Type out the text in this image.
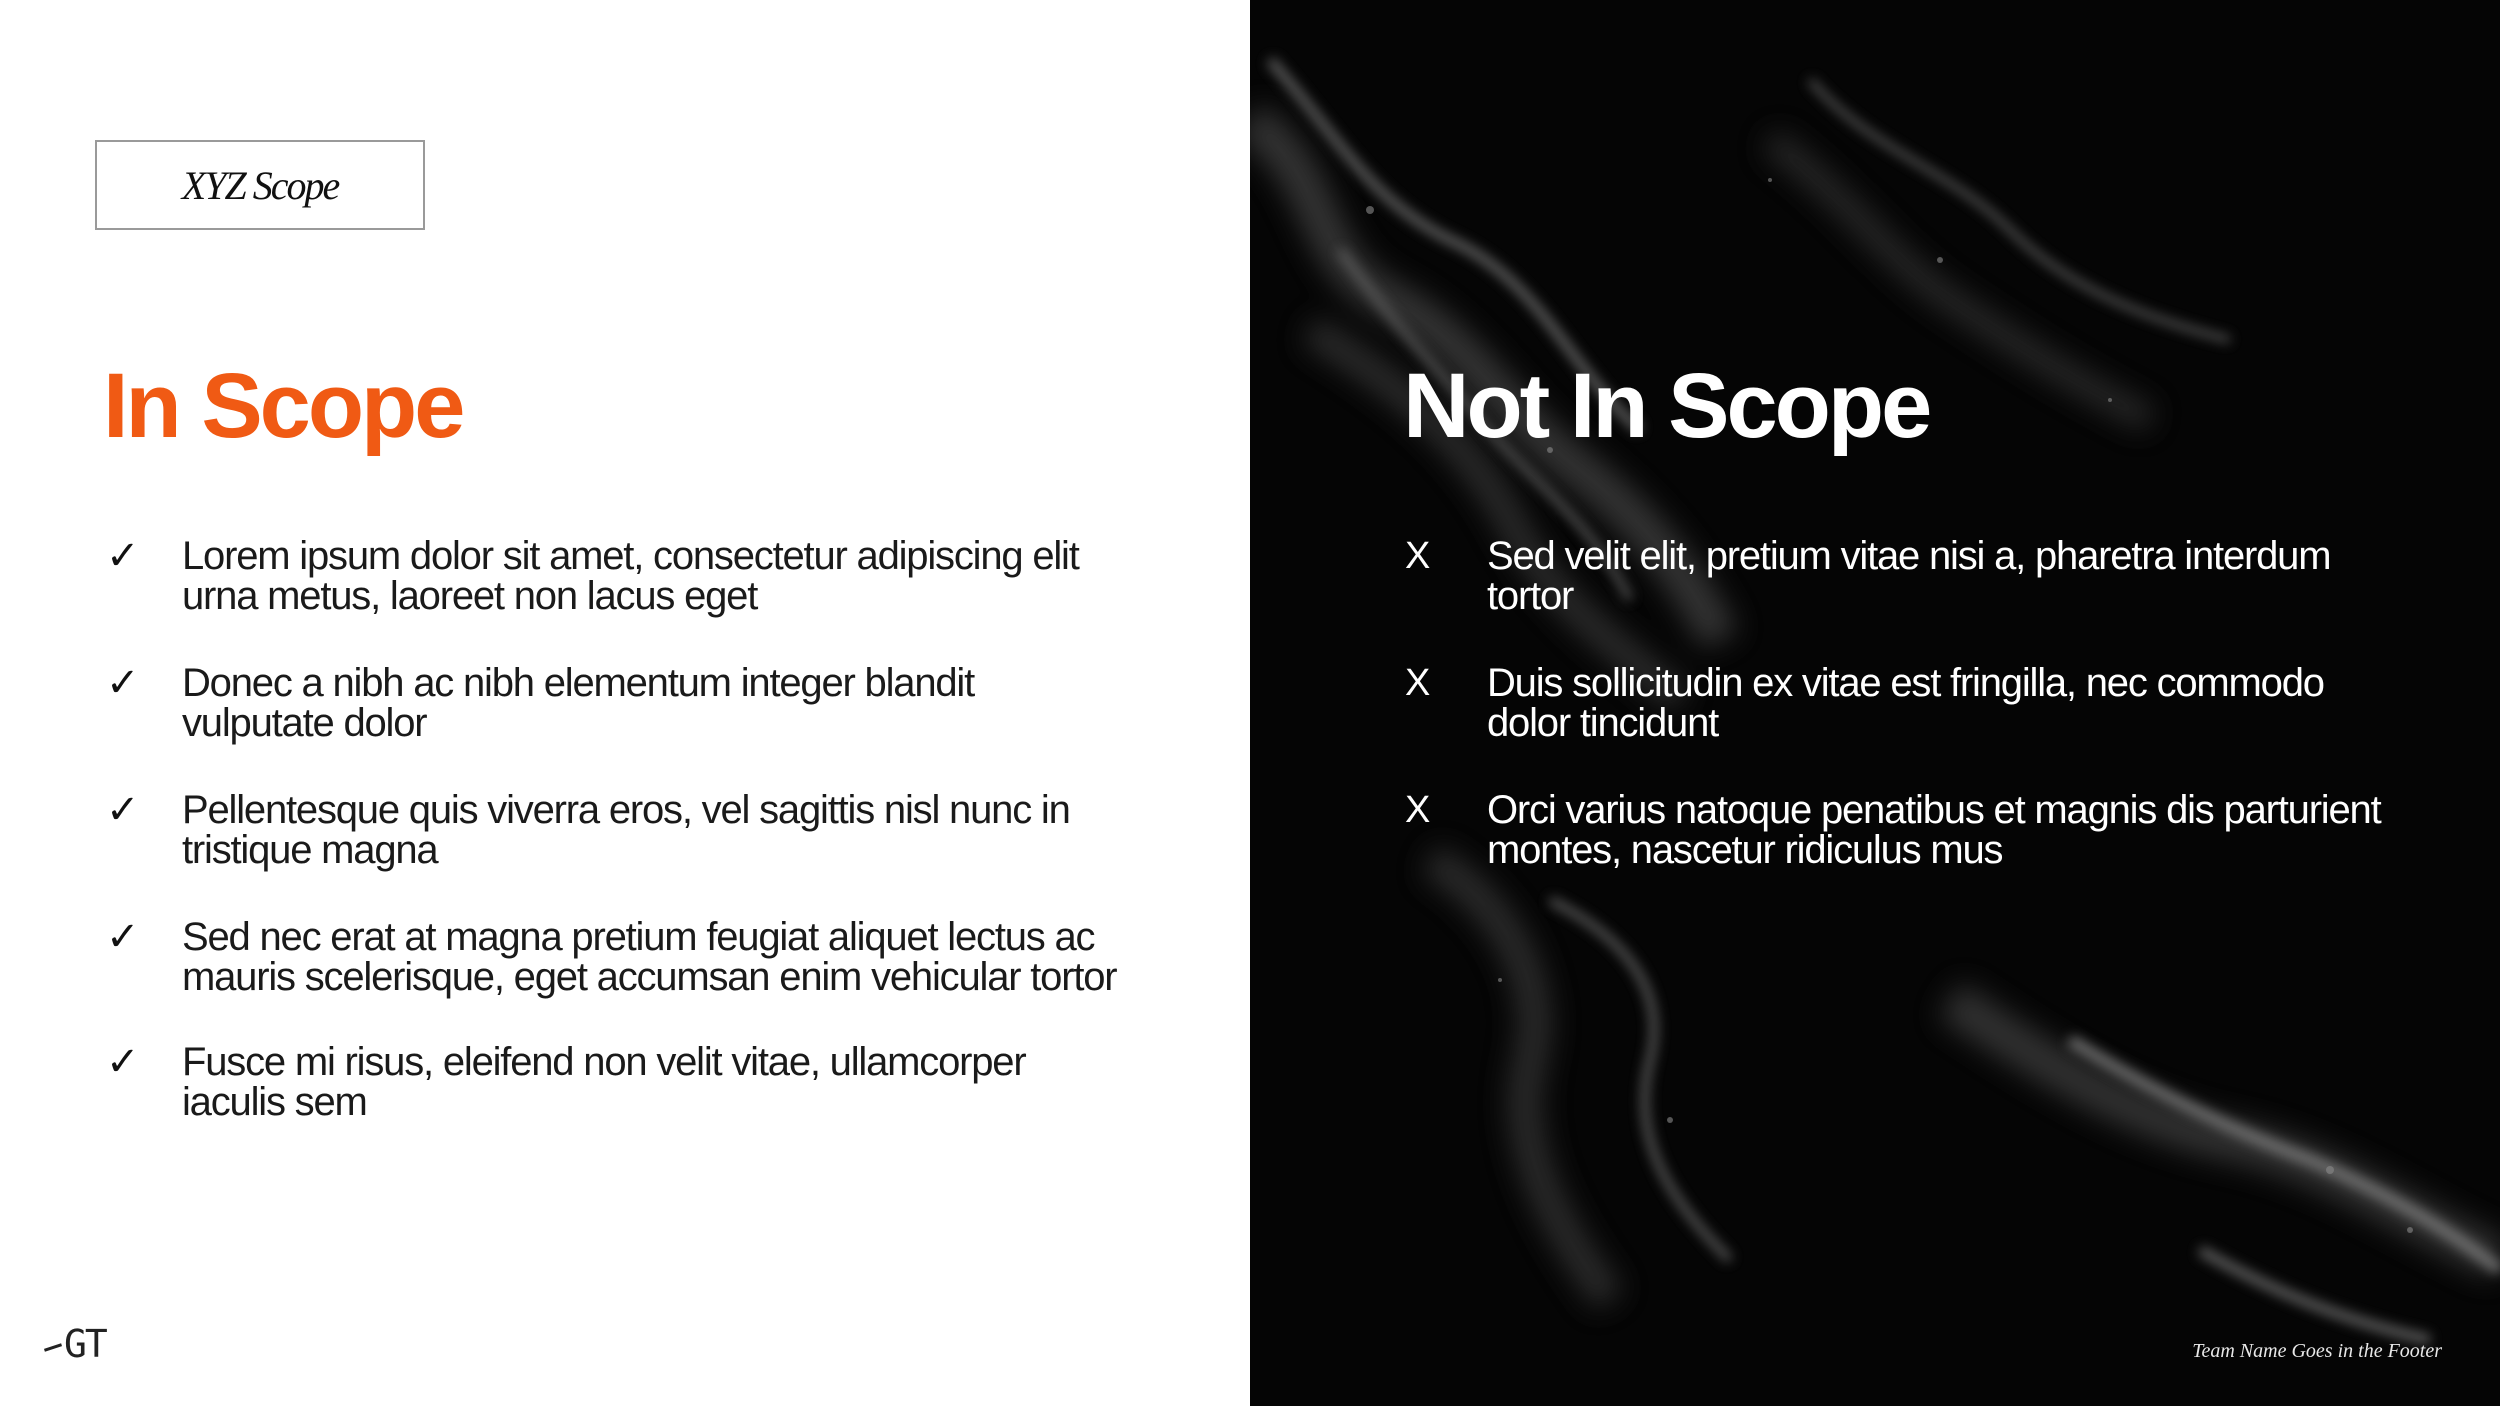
XYZ Scope
In Scope
✓ Lorem ipsum dolor sit amet, consectetur adipiscing elit urna metus, laoreet non lacus eget
✓ Donec a nibh ac nibh elementum integer blandit vulputate dolor
✓ Pellentesque quis viverra eros, vel sagittis nisl nunc in tristique magna
✓ Sed nec erat at magna pretium feugiat aliquet lectus ac mauris scelerisque, eget accumsan enim vehicular tortor
✓ Fusce mi risus, eleifend non velit vitae, ullamcorper iaculis sem
GT
Not In Scope
X Sed velit elit, pretium vitae nisi a, pharetra interdum tortor
X Duis sollicitudin ex vitae est fringilla, nec commodo dolor tincidunt
X Orci varius natoque penatibus et magnis dis parturient montes, nascetur ridiculus mus
Team Name Goes in the Footer
